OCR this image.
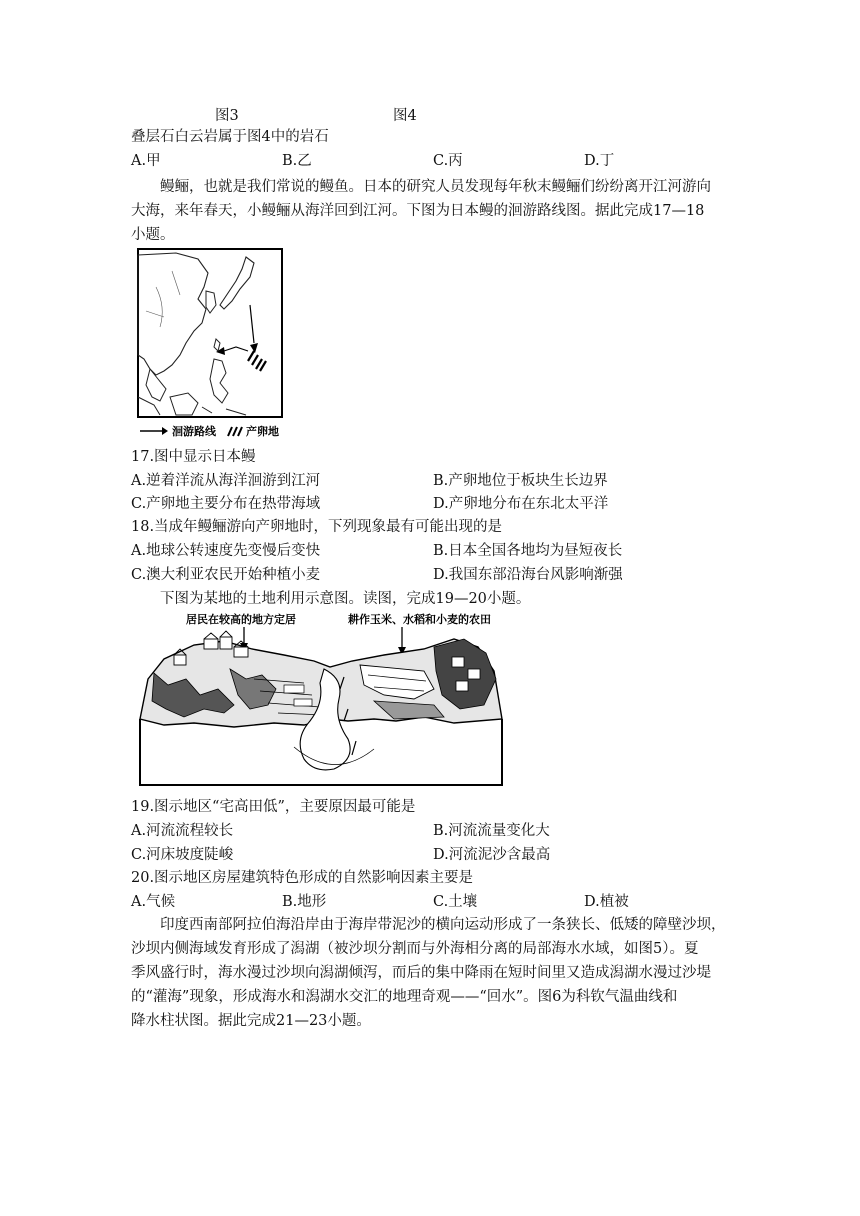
图3	图4
叠层石白云岩属于图4中的岩石
A.甲	B.乙	C.丙	D.丁
鳗鲡，也就是我们常说的鳗鱼。日本的研究人员发现每年秋末鳗鲡们纷纷离开江河游向
大海，来年春天，小鳗鲡从海洋回到江河。下图为日本鳗的洄游路线图。据此完成17—18
小题。
洄游路线	产卵地
17.图中显示日本鳗
A.逆着洋流从海洋洄游到江河	B.产卵地位于板块生长边界
C.产卵地主要分布在热带海域	D.产卵地分布在东北太平洋
18.当成年鳗鲡游向产卵地时，下列现象最有可能出现的是
A.地球公转速度先变慢后变快	B.日本全国各地均为昼短夜长
C.澳大利亚农民开始种植小麦	D.我国东部沿海台风影响渐强
下图为某地的土地利用示意图。读图，完成19—20小题。
居民在较高的地方定居	耕作玉米、水稻和小麦的农田
19.图示地区“宅高田低”，主要原因最可能是
A.河流流程较长	B.河流流量变化大
C.河床坡度陡峻	D.河流泥沙含最高
20.图示地区房屋建筑特色形成的自然影响因素主要是
A.气候	B.地形	C.土壤	D.植被
印度西南部阿拉伯海沿岸由于海岸带泥沙的横向运动形成了一条狭长、低矮的障壁沙坝，
沙坝内侧海域发育形成了潟湖（被沙坝分割而与外海相分离的局部海水水域，如图5）。夏
季风盛行时，海水漫过沙坝向潟湖倾泻，而后的集中降雨在短时间里又造成潟湖水漫过沙堤
的“灌海”现象，形成海水和潟湖水交汇的地理奇观——“回水”。图6为科钦气温曲线和
降水柱状图。据此完成21—23小题。
